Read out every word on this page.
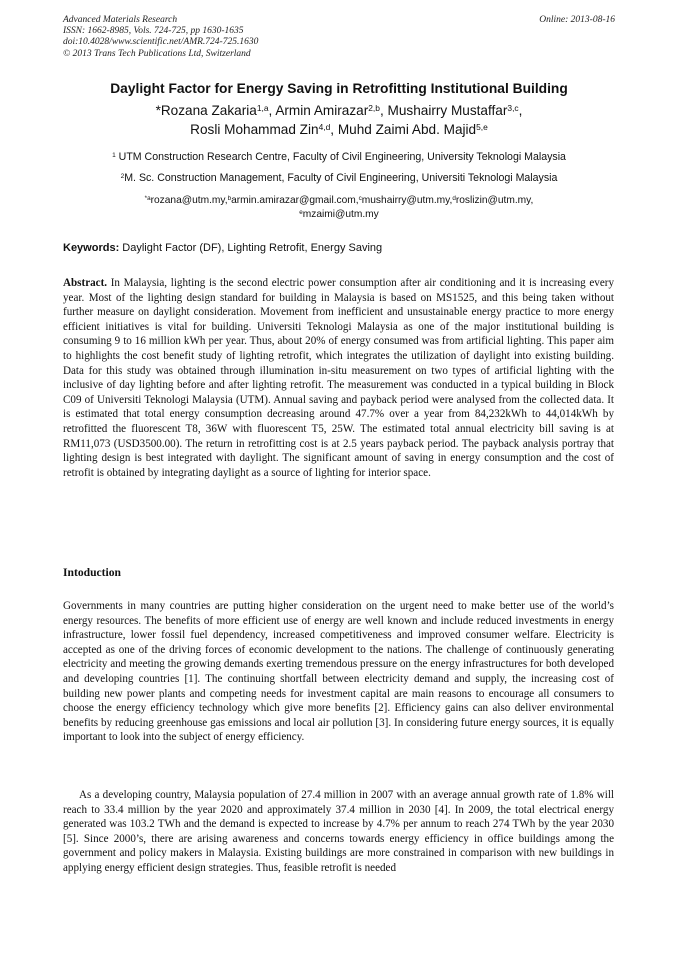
Advanced Materials Research
ISSN: 1662-8985, Vols. 724-725, pp 1630-1635
doi:10.4028/www.scientific.net/AMR.724-725.1630
© 2013 Trans Tech Publications Ltd, Switzerland
Online: 2013-08-16
Daylight Factor for Energy Saving in Retrofitting Institutional Building
*Rozana Zakaria$^{1,a}$, Armin Amirazar$^{2,b}$, Mushairry Mustaffar$^{3,c}$,
Rosli Mohammad Zin$^{4,d}$, Muhd Zaimi Abd. Majid$^{5,e}$
$^1$ UTM Construction Research Centre, Faculty of Civil Engineering, University Teknologi Malaysia
$^2$M. Sc. Construction Management, Faculty of Civil Engineering, Universiti Teknologi Malaysia
$^{*a}$rozana@utm.my,$^b$armin.amirazar@gmail.com,$^c$mushairry@utm.my,$^d$roslizin@utm.my,
$^e$mzaimi@utm.my
Keywords: Daylight Factor (DF), Lighting Retrofit, Energy Saving
Abstract. In Malaysia, lighting is the second electric power consumption after air conditioning and it is increasing every year. Most of the lighting design standard for building in Malaysia is based on MS1525, and this being taken without further measure on daylight consideration. Movement from inefficient and unsustainable energy practice to more energy efficient initiatives is vital for building. Universiti Teknologi Malaysia as one of the major institutional building is consuming 9 to 16 million kWh per year. Thus, about 20% of energy consumed was from artificial lighting. This paper aim to highlights the cost benefit study of lighting retrofit, which integrates the utilization of daylight into existing building. Data for this study was obtained through illumination in-situ measurement on two types of artificial lighting with the inclusive of day lighting before and after lighting retrofit. The measurement was conducted in a typical building in Block C09 of Universiti Teknologi Malaysia (UTM). Annual saving and payback period were analysed from the collected data. It is estimated that total energy consumption decreasing around 47.7% over a year from 84,232kWh to 44,014kWh by retrofitted the fluorescent T8, 36W with fluorescent T5, 25W. The estimated total annual electricity bill saving is at RM11,073 (USD3500.00). The return in retrofitting cost is at 2.5 years payback period. The payback analysis portray that lighting design is best integrated with daylight. The significant amount of saving in energy consumption and the cost of retrofit is obtained by integrating daylight as a source of lighting for interior space.
Intoduction

Governments in many countries are putting higher consideration on the urgent need to make better use of the world’s energy resources. The benefits of more efficient use of energy are well known and include reduced investments in energy infrastructure, lower fossil fuel dependency, increased competitiveness and improved consumer welfare. Electricity is accepted as one of the driving forces of economic development to the nations. The challenge of continuously generating electricity and meeting the growing demands exerting tremendous pressure on the energy infrastructures for both developed and developing countries [1]. The continuing shortfall between electricity demand and supply, the increasing cost of building new power plants and competing needs for investment capital are main reasons to encourage all consumers to choose the energy efficiency technology which give more benefits [2]. Efficiency gains can also deliver environmental benefits by reducing greenhouse gas emissions and local air pollution [3]. In considering future energy sources, it is equally important to look into the subject of energy efficiency.

As a developing country, Malaysia population of 27.4 million in 2007 with an average annual growth rate of 1.8% will reach to 33.4 million by the year 2020 and approximately 37.4 million in 2030 [4]. In 2009, the total electrical energy generated was 103.2 TWh and the demand is expected to increase by 4.7% per annum to reach 274 TWh by the year 2030 [5]. Since 2000’s, there are arising awareness and concerns towards energy efficiency in office buildings among the government and policy makers in Malaysia. Existing buildings are more constrained in comparison with new buildings in applying energy efficient design strategies. Thus, feasible retrofit is needed
